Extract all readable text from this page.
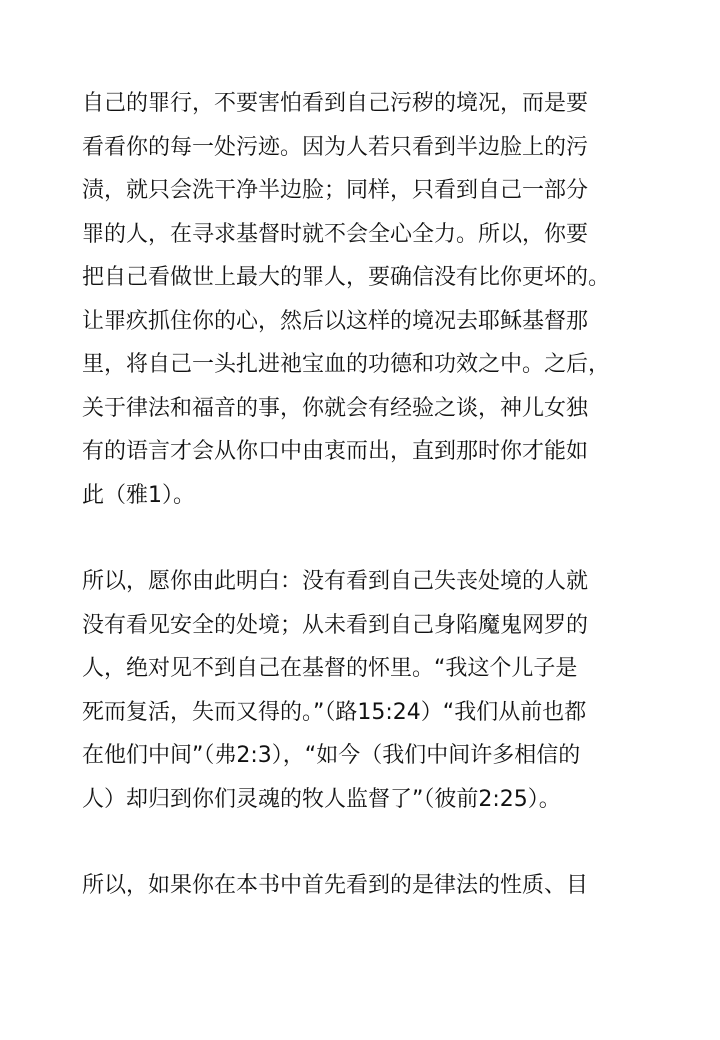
自己的罪行，不要害怕看到自己污秽的境况，而是要
看看你的每一处污迹。因为人若只看到半边脸上的污
渍，就只会洗干净半边脸；同样，只看到自己一部分
罪的人，在寻求基督时就不会全心全力。所以，你要
把自己看做世上最大的罪人，要确信没有比你更坏的。
让罪疚抓住你的心，然后以这样的境况去耶稣基督那
里，将自己一头扎进祂宝血的功德和功效之中。之后，
关于律法和福音的事，你就会有经验之谈，神儿女独
有的语言才会从你口中由衷而出，直到那时你才能如
此（雅1）。
所以，愿你由此明白：没有看到自己失丧处境的人就
没有看见安全的处境；从未看到自己身陷魔鬼网罗的
人，绝对见不到自己在基督的怀里。“我这个儿子是
死而复活，失而又得的。”（路15:24）“我们从前也都
在他们中间”（弗2:3），“如今（我们中间许多相信的
人）却归到你们灵魂的牧人监督了”（彼前2:25）。
所以，如果你在本书中首先看到的是律法的性质、目
